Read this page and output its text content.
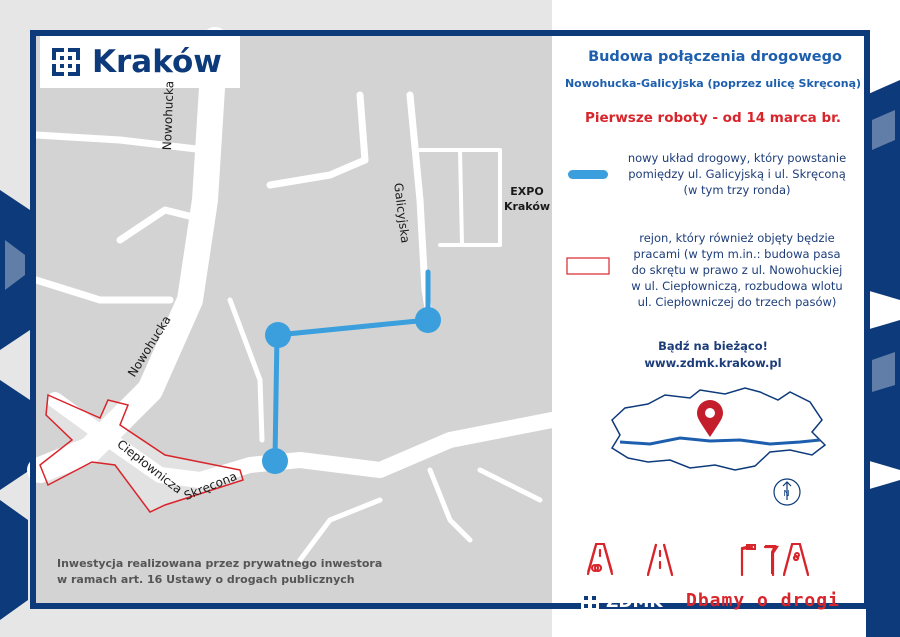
Kraków
Nowohucka
Nowohucka
Galicyjska
Ciepłownicza
Skręcona
EXPO
Kraków
Inwestycja realizowana przez prywatnego inwestora
w ramach art. 16 Ustawy o drogach publicznych
Budowa połączenia drogowego
Nowohucka-Galicyjska (poprzez ulicę Skręconą)
Pierwsze roboty - od 14 marca br.
nowy układ drogowy, który powstanie
pomiędzy ul. Galicyjską i ul. Skręconą
(w tym trzy ronda)
rejon, który również objęty będzie
pracami (w tym m.in.: budowa pasa
do skrętu w prawo z ul. Nowohuckiej
w ul. Ciepłowniczą, rozbudowa wlotu
ul. Ciepłowniczej do trzech pasów)
Bądź na bieżąco!
www.zdmk.krakow.pl
ZDMK Dbamy o drogi
N
